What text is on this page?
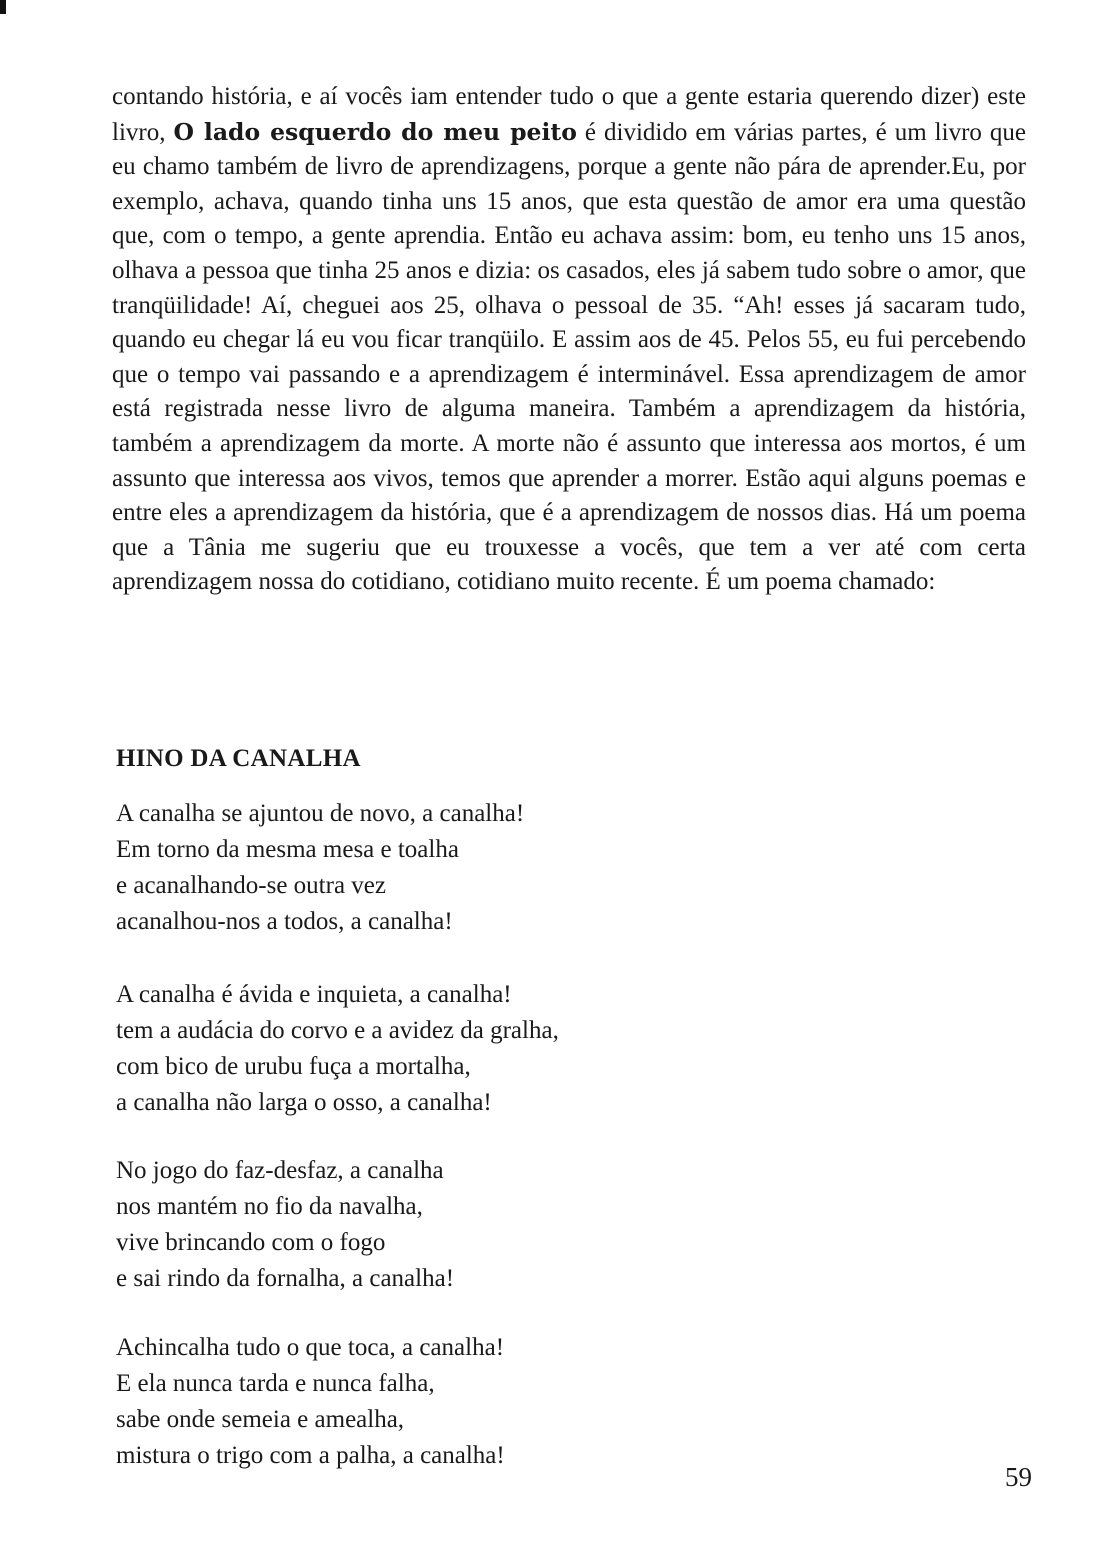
contando história, e aí vocês iam entender tudo o que a gente estaria querendo dizer) este livro, O lado esquerdo do meu peito é dividido em várias partes, é um livro que eu chamo também de livro de aprendizagens, porque a gente não pára de aprender.Eu, por exemplo, achava, quando tinha uns 15 anos, que esta questão de amor era uma questão que, com o tempo, a gente aprendia. Então eu achava assim: bom, eu tenho uns 15 anos, olhava a pessoa que tinha 25 anos e dizia: os casados, eles já sabem tudo sobre o amor, que tranqüilidade! Aí, cheguei aos 25, olhava o pessoal de 35. “Ah! esses já sacaram tudo, quando eu chegar lá eu vou ficar tranqüilo. E assim aos de 45. Pelos 55, eu fui percebendo que o tempo vai passando e a aprendizagem é interminável. Essa aprendizagem de amor está registrada nesse livro de alguma maneira. Também a aprendizagem da história, também a aprendizagem da morte. A morte não é assunto que interessa aos mortos, é um assunto que interessa aos vivos, temos que aprender a morrer. Estão aqui alguns poemas e entre eles a aprendizagem da história, que é a aprendizagem de nossos dias. Há um poema que a Tânia me sugeriu que eu trouxesse a vocês, que tem a ver até com certa aprendizagem nossa do cotidiano, cotidiano muito recente. É um poema chamado:

HINO DA CANALHA
A canalha se ajuntou de novo, a canalha!
Em torno da mesma mesa e toalha
e acanalhando-se outra vez
acanalhou-nos a todos, a canalha!
A canalha é ávida e inquieta, a canalha!
tem a audácia do corvo e a avidez da gralha,
com bico de urubu fuça a mortalha,
a canalha não larga o osso, a canalha!
No jogo do faz-desfaz, a canalha
nos mantém no fio da navalha,
vive brincando com o fogo
e sai rindo da fornalha, a canalha!
Achincalha tudo o que toca, a canalha!
E ela nunca tarda e nunca falha,
sabe onde semeia e amealha,
mistura o trigo com a palha, a canalha!

59
